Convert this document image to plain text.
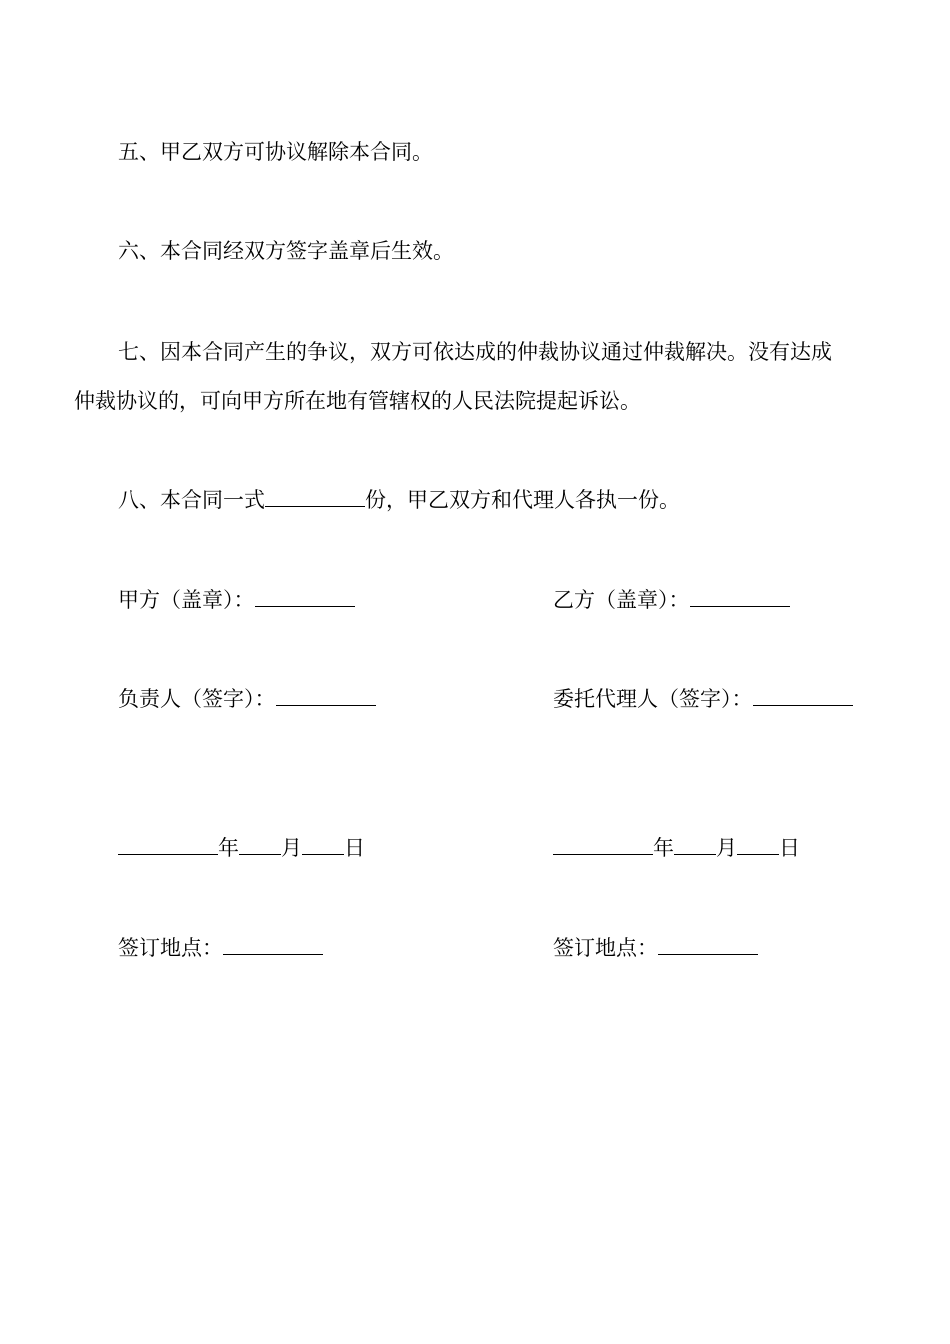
五、甲乙双方可协议解除本合同。
六、本合同经双方签字盖章后生效。
七、因本合同产生的争议，双方可依达成的仲裁协议通过仲裁解决。没有达成
仲裁协议的，可向甲方所在地有管辖权的人民法院提起诉讼。
八、本合同一式	份，甲乙双方和代理人各执一份。
甲方（盖章）：	乙方（盖章）：
负责人（签字）：	委托代理人（签字）：
年 月 日	年 月 日
签订地点：	签订地点：
